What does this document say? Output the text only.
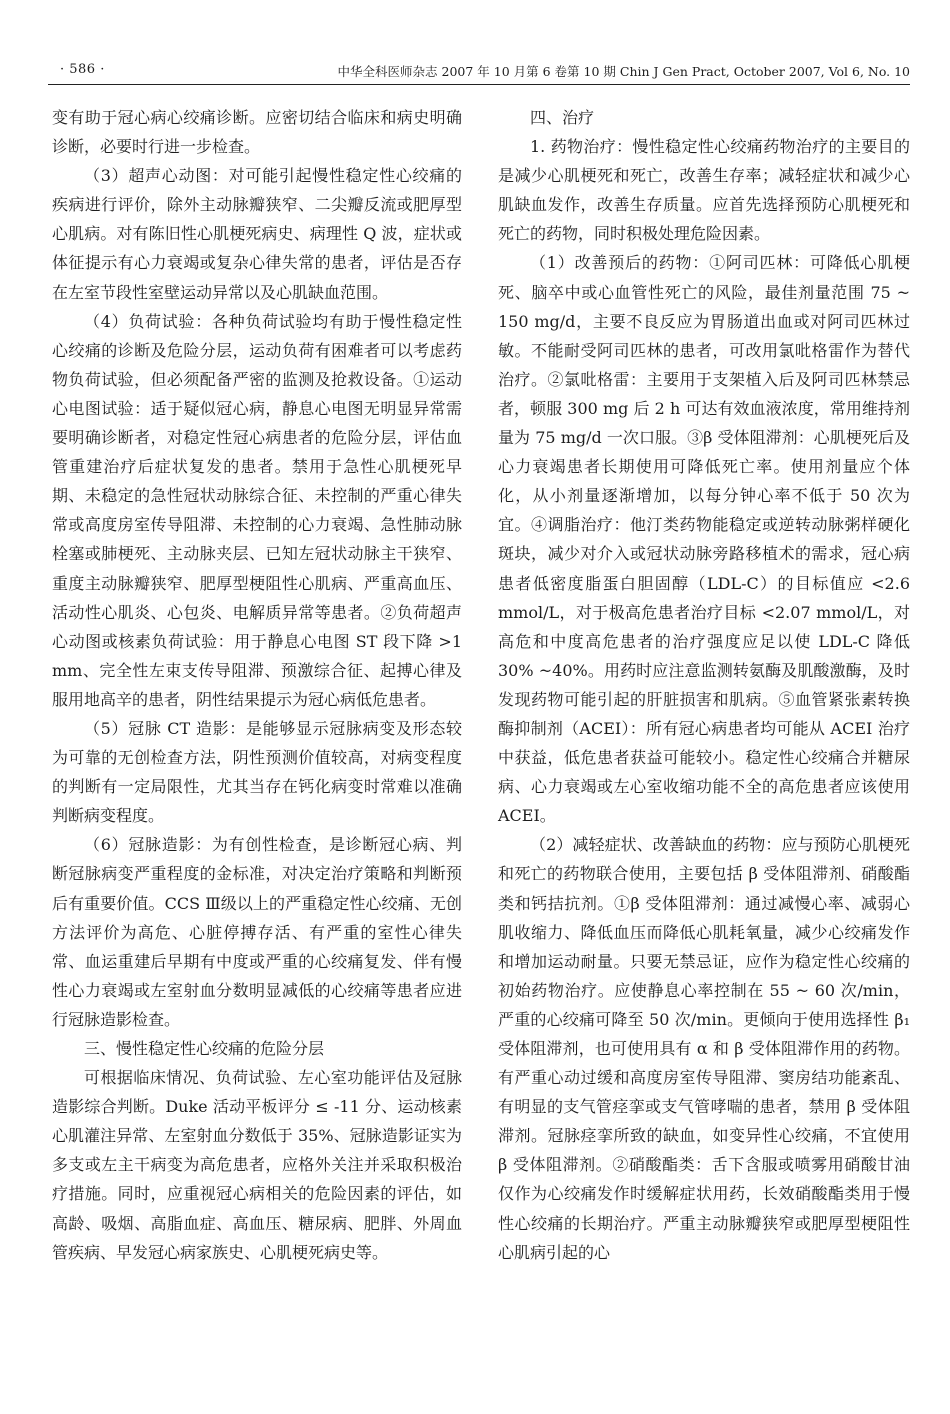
· 586 ·	中华全科医师杂志 2007 年 10 月第 6 卷第 10 期 Chin J Gen Pract, October 2007, Vol 6, No. 10

变有助于冠心病心绞痛诊断。应密切结合临床和病史明确诊断，必要时行进一步检查。

（3）超声心动图：对可能引起慢性稳定性心绞痛的疾病进行评价，除外主动脉瓣狭窄、二尖瓣反流或肥厚型心肌病。对有陈旧性心肌梗死病史、病理性 Q 波，症状或体征提示有心力衰竭或复杂心律失常的患者，评估是否存在左室节段性室壁运动异常以及心肌缺血范围。

（4）负荷试验：各种负荷试验均有助于慢性稳定性心绞痛的诊断及危险分层，运动负荷有困难者可以考虑药物负荷试验，但必须配备严密的监测及抢救设备。①运动心电图试验：适于疑似冠心病，静息心电图无明显异常需要明确诊断者，对稳定性冠心病患者的危险分层，评估血管重建治疗后症状复发的患者。禁用于急性心肌梗死早期、未稳定的急性冠状动脉综合征、未控制的严重心律失常或高度房室传导阻滞、未控制的心力衰竭、急性肺动脉栓塞或肺梗死、主动脉夹层、已知左冠状动脉主干狭窄、重度主动脉瓣狭窄、肥厚型梗阻性心肌病、严重高血压、活动性心肌炎、心包炎、电解质异常等患者。②负荷超声心动图或核素负荷试验：用于静息心电图 ST 段下降 >1 mm、完全性左束支传导阻滞、预激综合征、起搏心律及服用地高辛的患者，阴性结果提示为冠心病低危患者。

（5）冠脉 CT 造影：是能够显示冠脉病变及形态较为可靠的无创检查方法，阴性预测价值较高，对病变程度的判断有一定局限性，尤其当存在钙化病变时常难以准确判断病变程度。

（6）冠脉造影：为有创性检查，是诊断冠心病、判断冠脉病变严重程度的金标准，对决定治疗策略和判断预后有重要价值。CCS Ⅲ级以上的严重稳定性心绞痛、无创方法评价为高危、心脏停搏存活、有严重的室性心律失常、血运重建后早期有中度或严重的心绞痛复发、伴有慢性心力衰竭或左室射血分数明显减低的心绞痛等患者应进行冠脉造影检查。

三、慢性稳定性心绞痛的危险分层

可根据临床情况、负荷试验、左心室功能评估及冠脉造影综合判断。Duke 活动平板评分 ≤ -11 分、运动核素心肌灌注异常、左室射血分数低于 35%、冠脉造影证实为多支或左主干病变为高危患者，应格外关注并采取积极治疗措施。同时，应重视冠心病相关的危险因素的评估，如高龄、吸烟、高脂血症、高血压、糖尿病、肥胖、外周血管疾病、早发冠心病家族史、心肌梗死病史等。

四、治疗

1. 药物治疗：慢性稳定性心绞痛药物治疗的主要目的是减少心肌梗死和死亡，改善生存率；减轻症状和减少心肌缺血发作，改善生存质量。应首先选择预防心肌梗死和死亡的药物，同时积极处理危险因素。

（1）改善预后的药物：①阿司匹林：可降低心肌梗死、脑卒中或心血管性死亡的风险，最佳剂量范围 75 ~ 150 mg/d，主要不良反应为胃肠道出血或对阿司匹林过敏。不能耐受阿司匹林的患者，可改用氯吡格雷作为替代治疗。②氯吡格雷：主要用于支架植入后及阿司匹林禁忌者，顿服 300 mg 后 2 h 可达有效血液浓度，常用维持剂量为 75 mg/d 一次口服。③β 受体阻滞剂：心肌梗死后及心力衰竭患者长期使用可降低死亡率。使用剂量应个体化，从小剂量逐渐增加，以每分钟心率不低于 50 次为宜。④调脂治疗：他汀类药物能稳定或逆转动脉粥样硬化斑块，减少对介入或冠状动脉旁路移植术的需求，冠心病患者低密度脂蛋白胆固醇（LDL-C）的目标值应 <2.6 mmol/L，对于极高危患者治疗目标 <2.07 mmol/L，对高危和中度高危患者的治疗强度应足以使 LDL-C 降低 30% ~40%。用药时应注意监测转氨酶及肌酸激酶，及时发现药物可能引起的肝脏损害和肌病。⑤血管紧张素转换酶抑制剂（ACEI）：所有冠心病患者均可能从 ACEI 治疗中获益，低危患者获益可能较小。稳定性心绞痛合并糖尿病、心力衰竭或左心室收缩功能不全的高危患者应该使用 ACEI。

（2）减轻症状、改善缺血的药物：应与预防心肌梗死和死亡的药物联合使用，主要包括 β 受体阻滞剂、硝酸酯类和钙拮抗剂。①β 受体阻滞剂：通过减慢心率、减弱心肌收缩力、降低血压而降低心肌耗氧量，减少心绞痛发作和增加运动耐量。只要无禁忌证，应作为稳定性心绞痛的初始药物治疗。应使静息心率控制在 55 ~ 60 次/min，严重的心绞痛可降至 50 次/min。更倾向于使用选择性 β₁ 受体阻滞剂，也可使用具有 α 和 β 受体阻滞作用的药物。有严重心动过缓和高度房室传导阻滞、窦房结功能紊乱、有明显的支气管痉挛或支气管哮喘的患者，禁用 β 受体阻滞剂。冠脉痉挛所致的缺血，如变异性心绞痛，不宜使用 β 受体阻滞剂。②硝酸酯类：舌下含服或喷雾用硝酸甘油仅作为心绞痛发作时缓解症状用药，长效硝酸酯类用于慢性心绞痛的长期治疗。严重主动脉瓣狭窄或肥厚型梗阻性心肌病引起的心
